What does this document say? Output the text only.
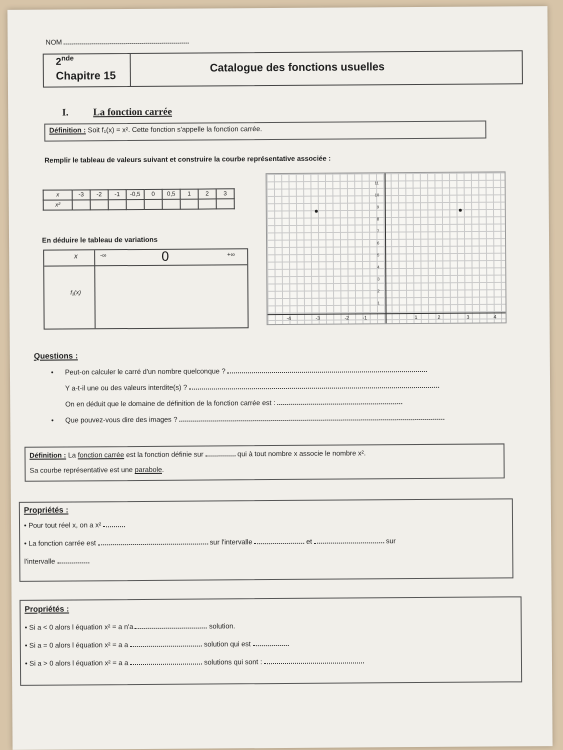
NOM
2nde
Chapitre 15
Catalogue des fonctions usuelles
I. La fonction carrée
Définition : Soit f₁(x) = x². Cette fonction s'appelle la fonction carrée.
Remplir le tableau de valeurs suivant et construire la courbe représentative associée :
x	-3	-2	-1	-0,5	0	0,5	1	2	3
x²									
En déduire le tableau de variations
x	-∞	0	+∞
f₁(x)
-4	-3	-2	-1	1	2	3	4
1
2
3
4
5
6
7
8
9
10
11
Questions :
• Peut-on calculer le carré d'un nombre quelconque ?
Y a-t-il une ou des valeurs interdite(s) ?
On en déduit que le domaine de définition de la fonction carrée est :
• Que pouvez-vous dire des images ?
Définition : La fonction carrée est la fonction définie sur	qui à tout nombre x associe le nombre x².
Sa courbe représentative est une parabole.
Propriétés :
• Pour tout réel x, on a x²
• La fonction carrée est	sur l'intervalle	et	sur
l'intervalle
Propriétés :
• Si a < 0 alors l équation x² = a n'a	solution.
• Si a = 0 alors l équation x² = a a	solution qui est
• Si a > 0 alors l équation x² = a a	solutions qui sont :
